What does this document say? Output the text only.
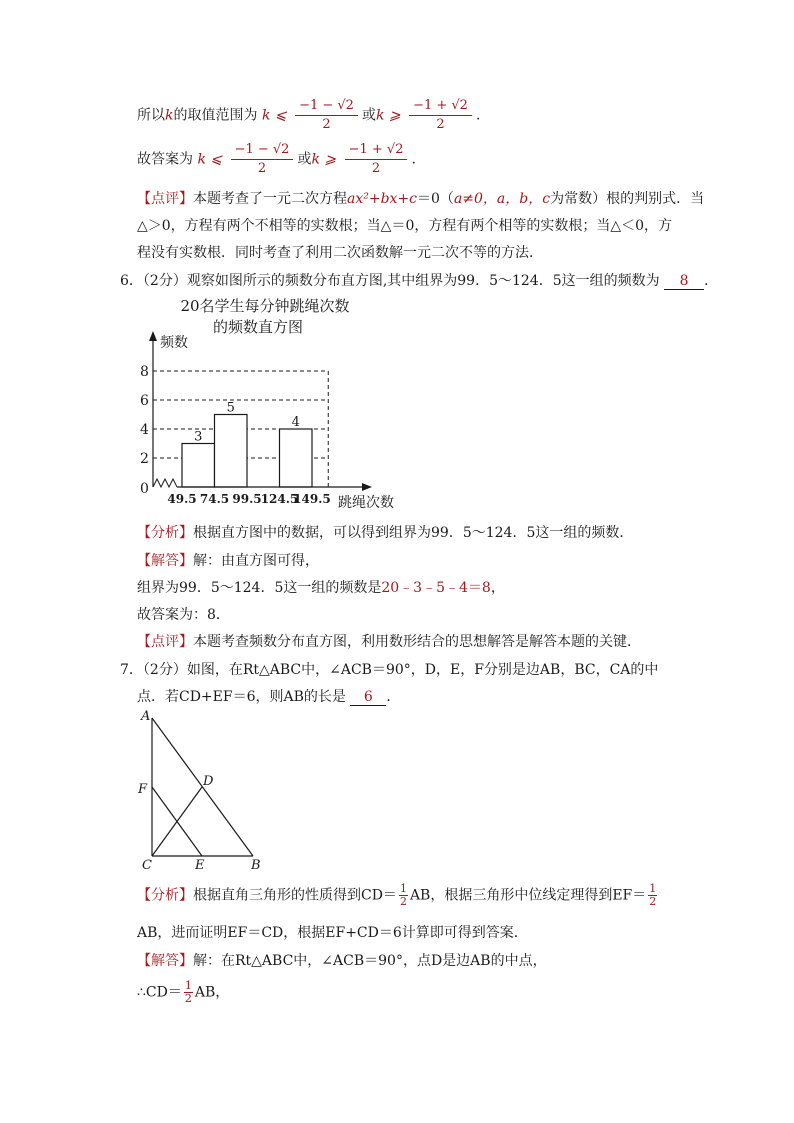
所以k的取值范围为 k ⩽ $\frac{-1 - √2}{2}$ 或k ⩾ $\frac{-1 + √2}{2}$ .
故答案为 k ⩽ $\frac{-1 - √2}{2}$ 或k ⩾ $\frac{-1 + √2}{2}$ .
【点评】本题考查了一元二次方程ax²+bx+c＝0（a≠0，a，b，c为常数）根的判别式．当
△＞0，方程有两个不相等的实数根；当△＝0，方程有两个相等的实数根；当△＜0，方
程没有实数根．同时考查了利用二次函数解一元二次不等的方法．
6．（2分）观察如图所示的频数分布直方图,其中组界为99．5～124．5这一组的频数为 8 ．
20名学生每分钟跳绳次数
的频数直方图
频数
跳绳次数
0
2
4
6
8
3
5
4
49.5 74.5 99.5 124.5
149.5
【分析】根据直方图中的数据，可以得到组界为99．5～124．5这一组的频数．
【解答】解：由直方图可得，
组界为99．5～124．5这一组的频数是20﹣3﹣5﹣4＝8，
故答案为：8．
【点评】本题考查频数分布直方图，利用数形结合的思想解答是解答本题的关键．
7．（2分）如图，在Rt△ABC中，∠ACB＝90°，D，E，F分别是边AB，BC，CA的中
点．若CD+EF＝6，则AB的长是 6 ．
A
F
D
C	E	B
【分析】根据直角三角形的性质得到$CD= \frac{1}{2}$ AB，根据三角形中位线定理得到$EF= \frac{1}{2}$
AB，进而证明EF＝CD，根据EF+CD＝6计算即可得到答案．
【解答】解：在Rt△ABC中，∠ACB＝90°，点D是边AB的中点，
∴CD＝ $\frac{1}{2}$ AB，
